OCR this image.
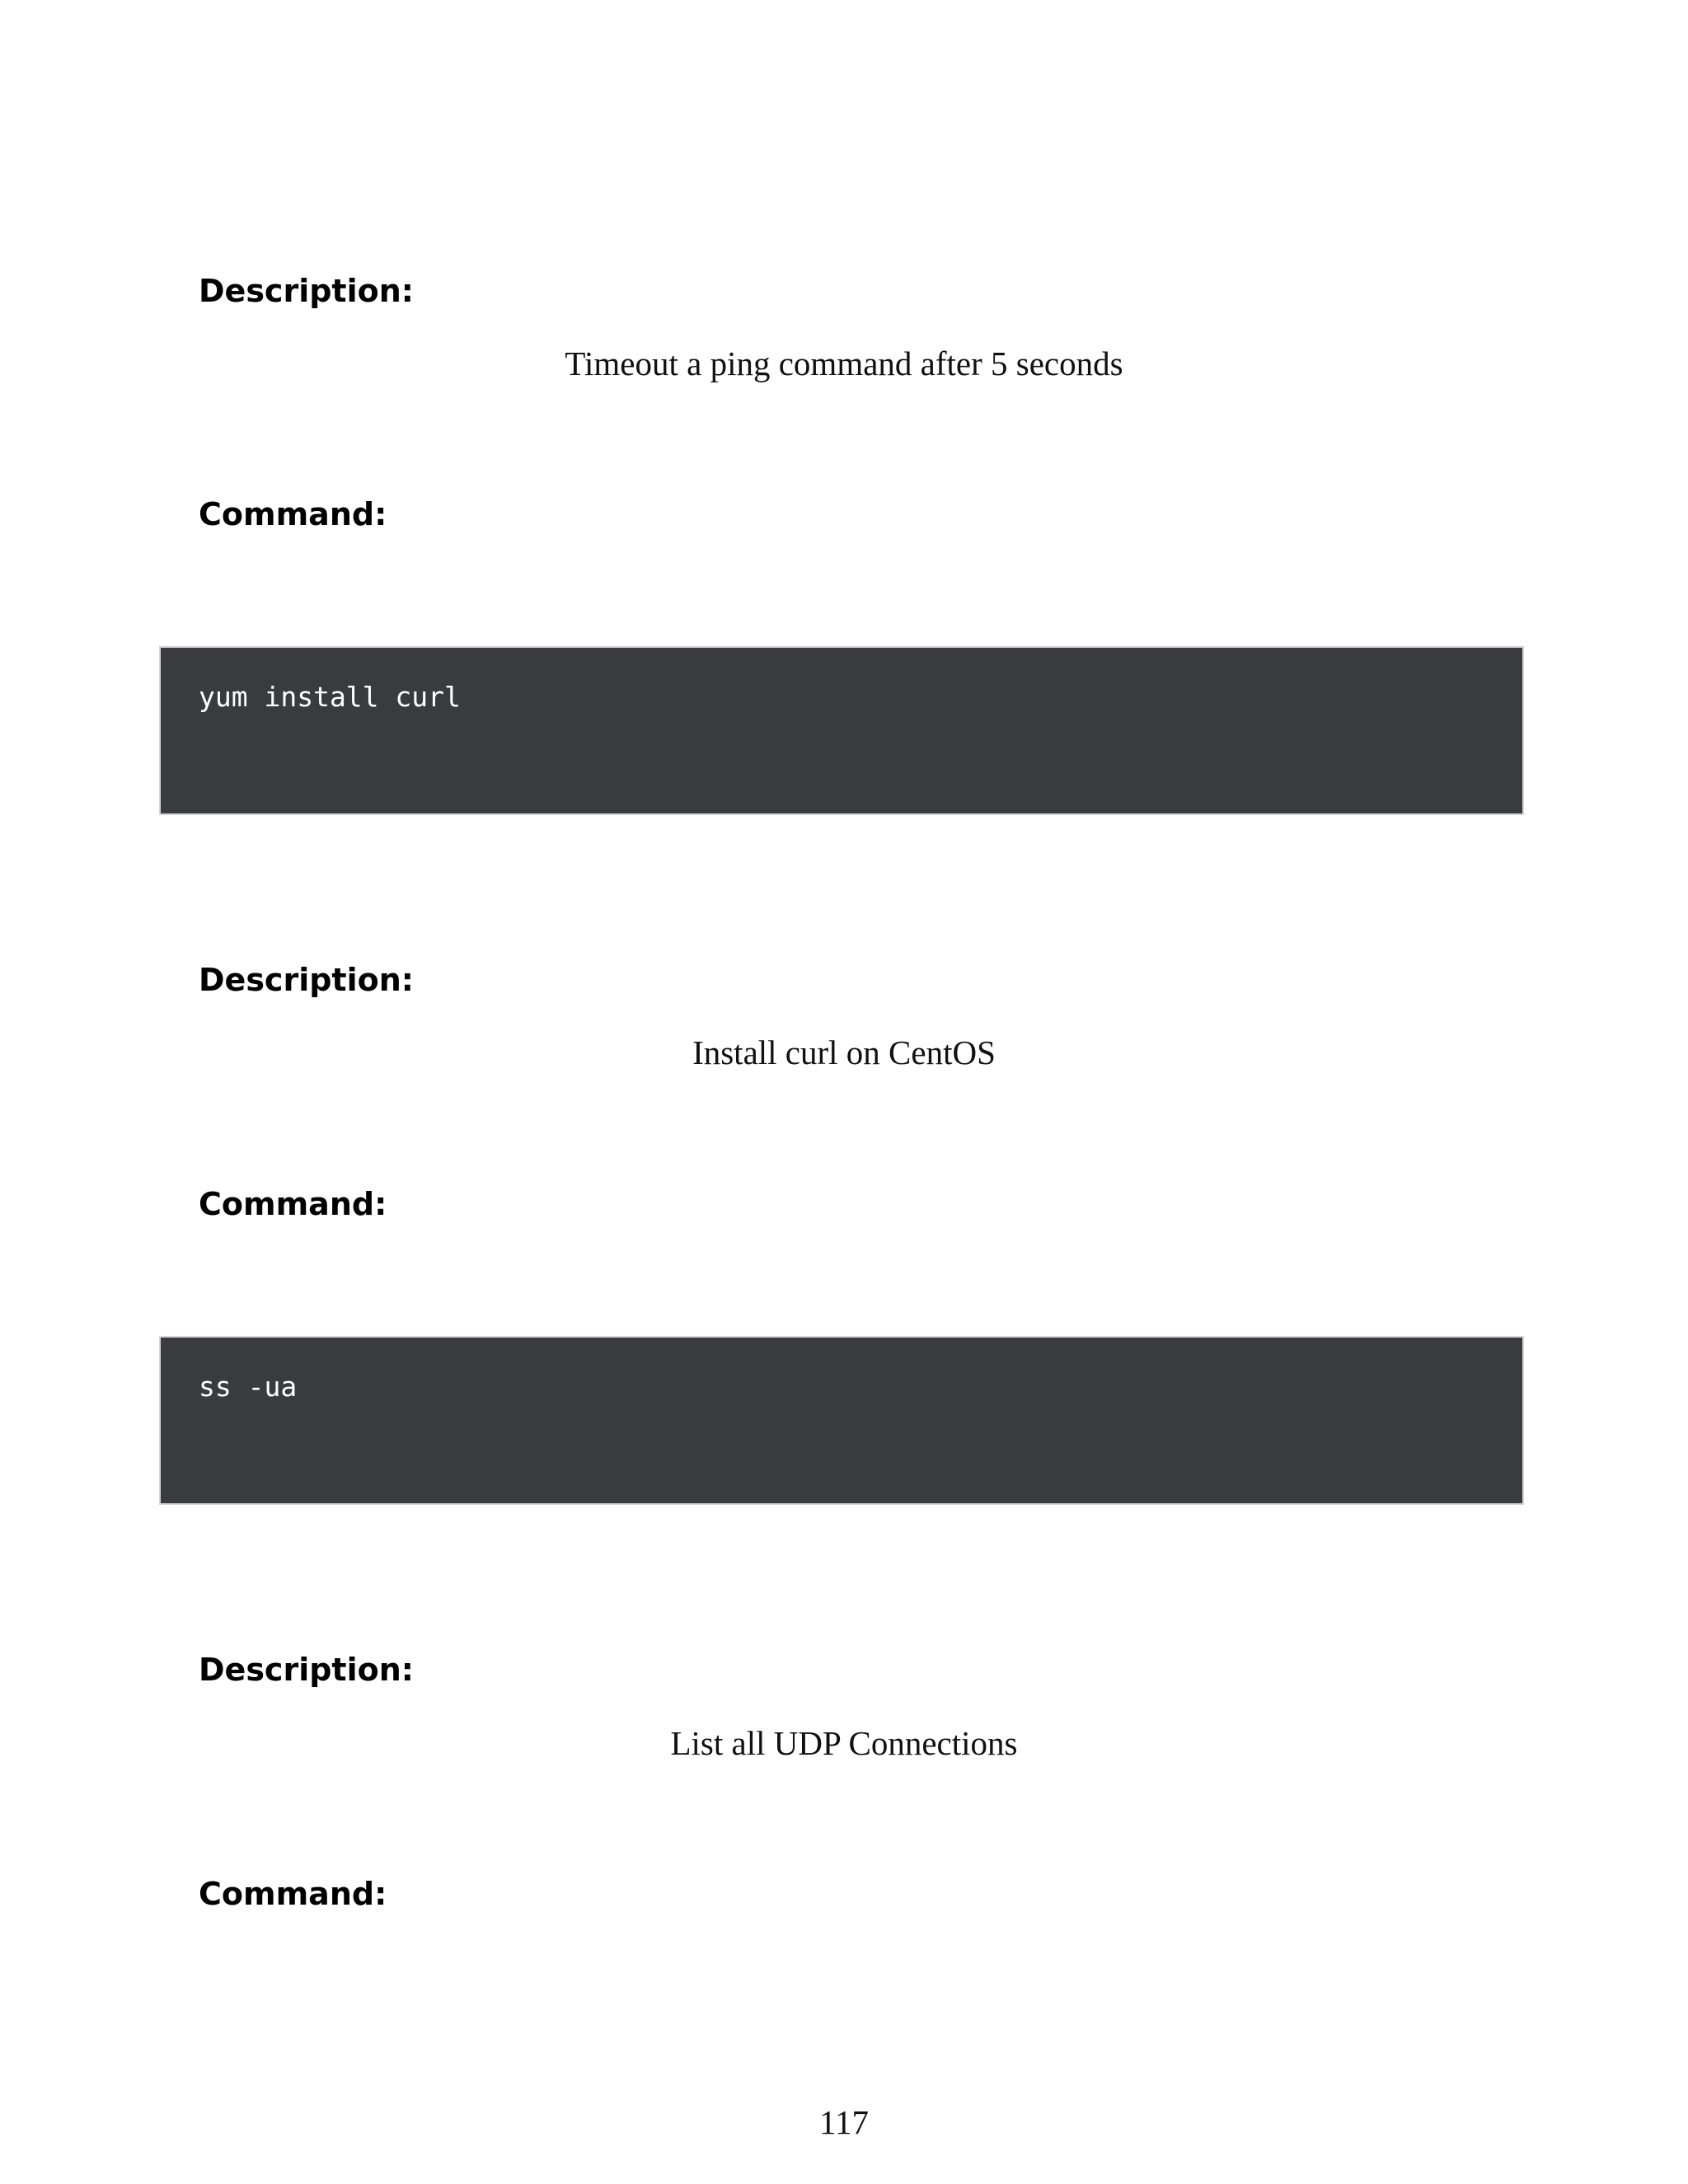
Description:

Timeout a ping command after 5 seconds

Command:
yum install curl
Description:

Install curl on CentOS

Command:
ss -ua
Description:

List all UDP Connections

Command:

117
